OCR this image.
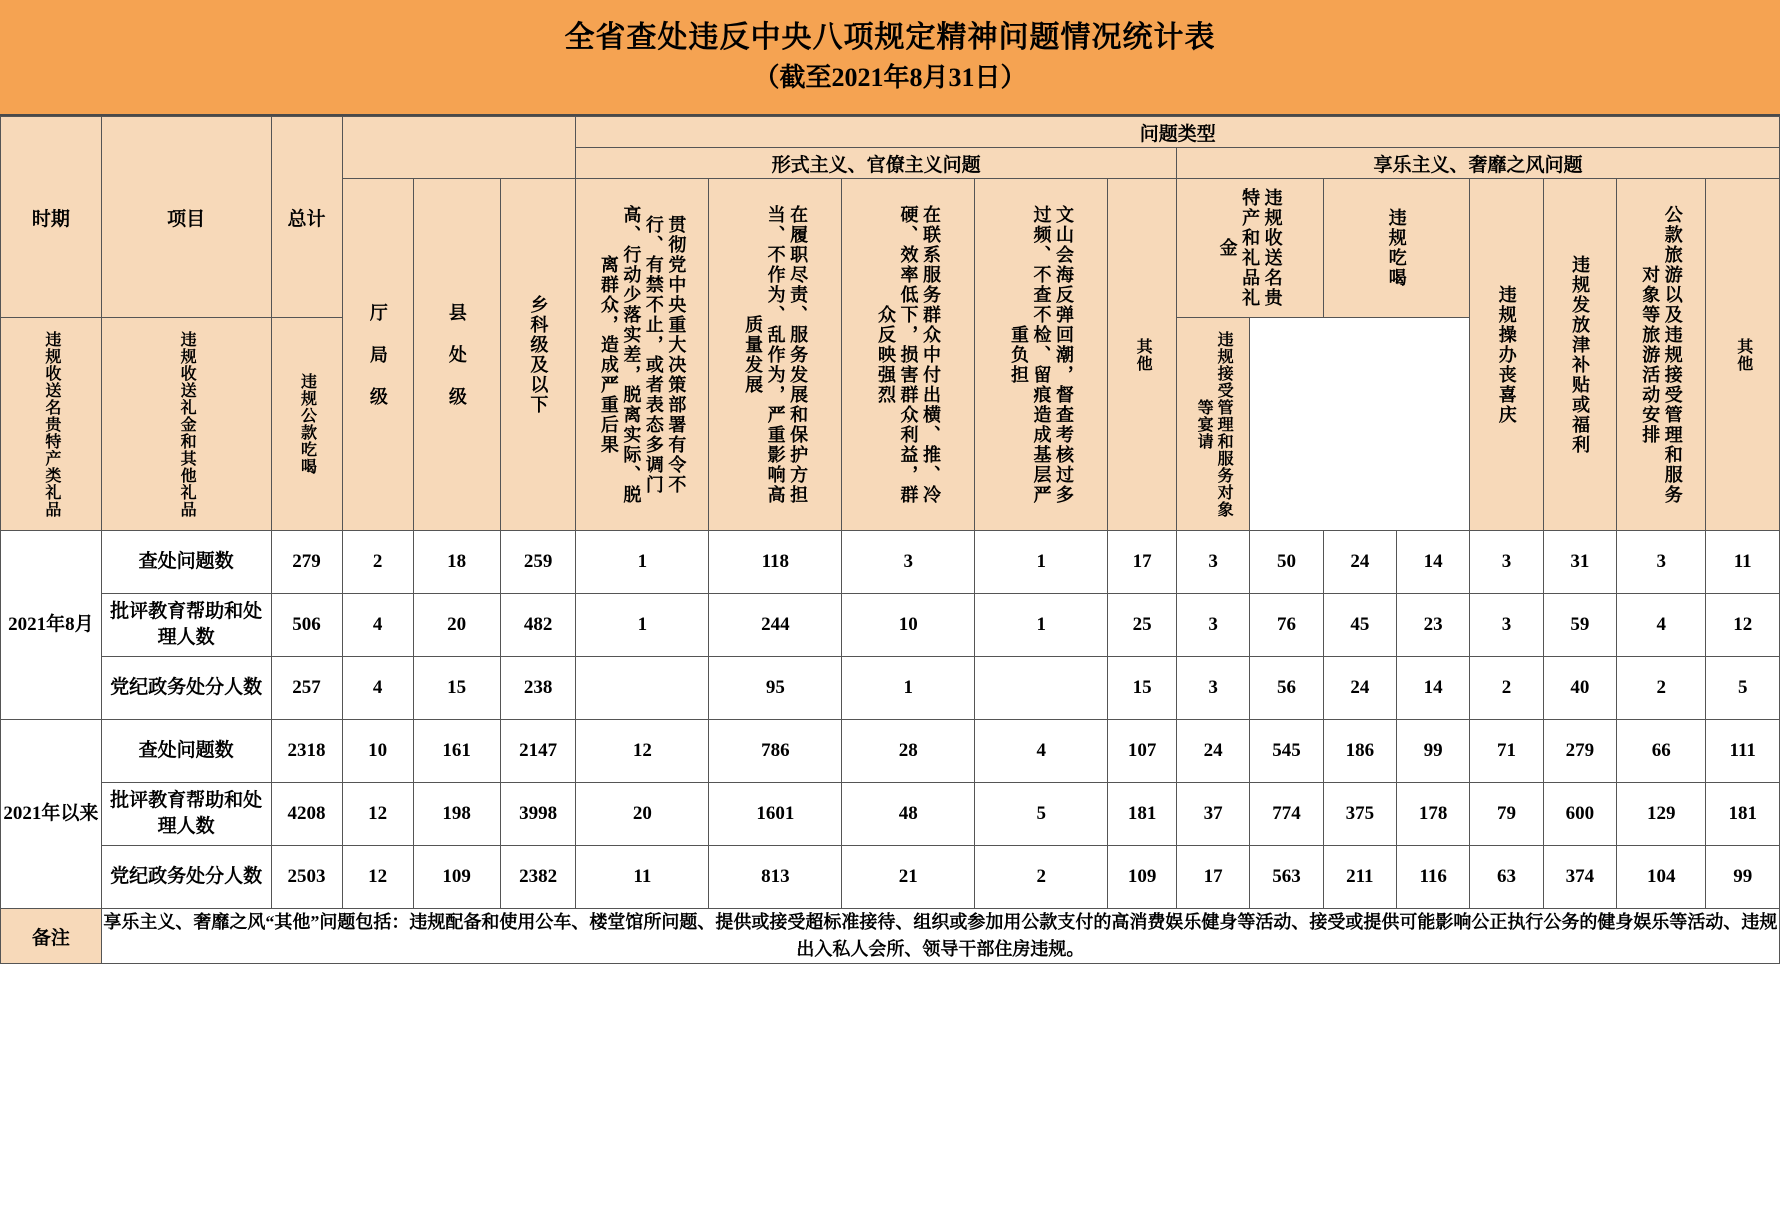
全省查处违反中央八项规定精神问题情况统计表
（截至2021年8月31日）
时期	项目	总计				问题类型												
						形式主义、官僚主义问题					享乐主义、奢靡之风问题							

			厅 局 级	县 处 级	乡科级及以下	贯彻党中央重大决策部署有令不行、有禁不止，或者表态多调门高、行动少落实差，脱离实际、脱离群众，造成严重后果	在履职尽责、服务发展和保护方担当、不作为、乱作为，严重影响高质量发展	在联系服务群众中付出横、推、冷硬、效率低下，损害群众利益，群众反映强烈	文山会海反弹回潮，督查考核过多过频、不查不检、留痕造成基层严重负担	其他	违规收送名贵特产和礼品礼金		违规吃喝		违规操办丧喜庆	违规发放津补贴或福利	公款旅游以及违规接受管理和服务对象等旅游活动安排	其他

违规收送名贵特产类礼品	违规收送礼金和其他礼品	违规公款吃喝									违规接受管理和服务对象等宴请							

2021年8月	查处问题数	279	2	18	259	1	118	3	1	17	3	50	24	14	3	31	3	11
	批评教育帮助和处理人数	506	4	20	482	1	244	10	1	25	3	76	45	23	3	59	4	12
	党纪政务处分人数	257	4	15	238		95	1		15	3	56	24	14	2	40	2	5
2021年以来	查处问题数	2318	10	161	2147	12	786	28	4	107	24	545	186	99	71	279	66	111
	批评教育帮助和处理人数	4208	12	198	3998	20	1601	48	5	181	37	774	375	178	79	600	129	181
	党纪政务处分人数	2503	12	109	2382	11	813	21	2	109	17	563	211	116	63	374	104	99
备注	享乐主义、奢靡之风“其他”问题包括：违规配备和使用公车、楼堂馆所问题、提供或接受超标准接待、组织或参加用公款支付的高消费娱乐健身等活动、接受或提供可能影响公正执行公务的健身娱乐等活动、违规出入私人会所、领导干部住房违规。																	
